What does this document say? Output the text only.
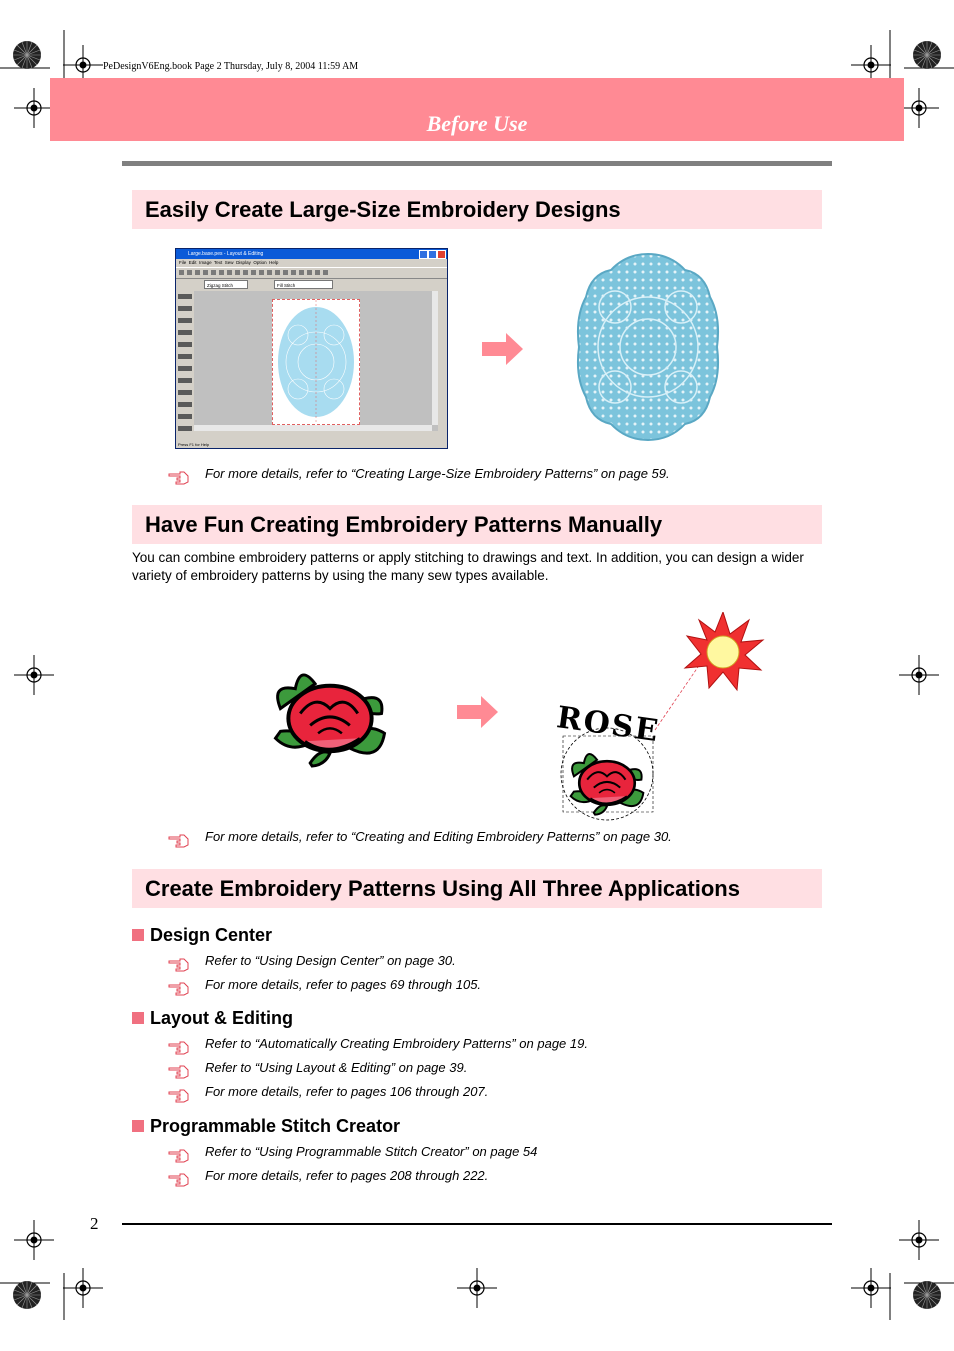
PeDesignV6Eng.book Page 2 Thursday, July 8, 2004 11:59 AM
Before Use
Easily Create Large-Size Embroidery Designs
Large.base.pes - Layout & Editing
File Edit Image Text Sew Display Option Help
Zigzag Stitch	Fill Stitch
Press F1 for Help
For more details, refer to “Creating Large-Size Embroidery Patterns” on page 59.
Have Fun Creating Embroidery Patterns Manually
You can combine embroidery patterns or apply stitching to drawings and text. In addition, you can design a wider variety of embroidery patterns by using the many sew types available.
ROSE
For more details, refer to “Creating and Editing Embroidery Patterns” on page 30.
Create Embroidery Patterns Using All Three Applications
Design Center
Refer to “Using Design Center” on page 30.
For more details, refer to pages 69 through 105.
Layout & Editing
Refer to “Automatically Creating Embroidery Patterns” on page 19.
Refer to “Using Layout & Editing” on page 39.
For more details, refer to pages 106 through 207.
Programmable Stitch Creator
Refer to “Using Programmable Stitch Creator” on page 54
For more details, refer to pages 208 through 222.
2
